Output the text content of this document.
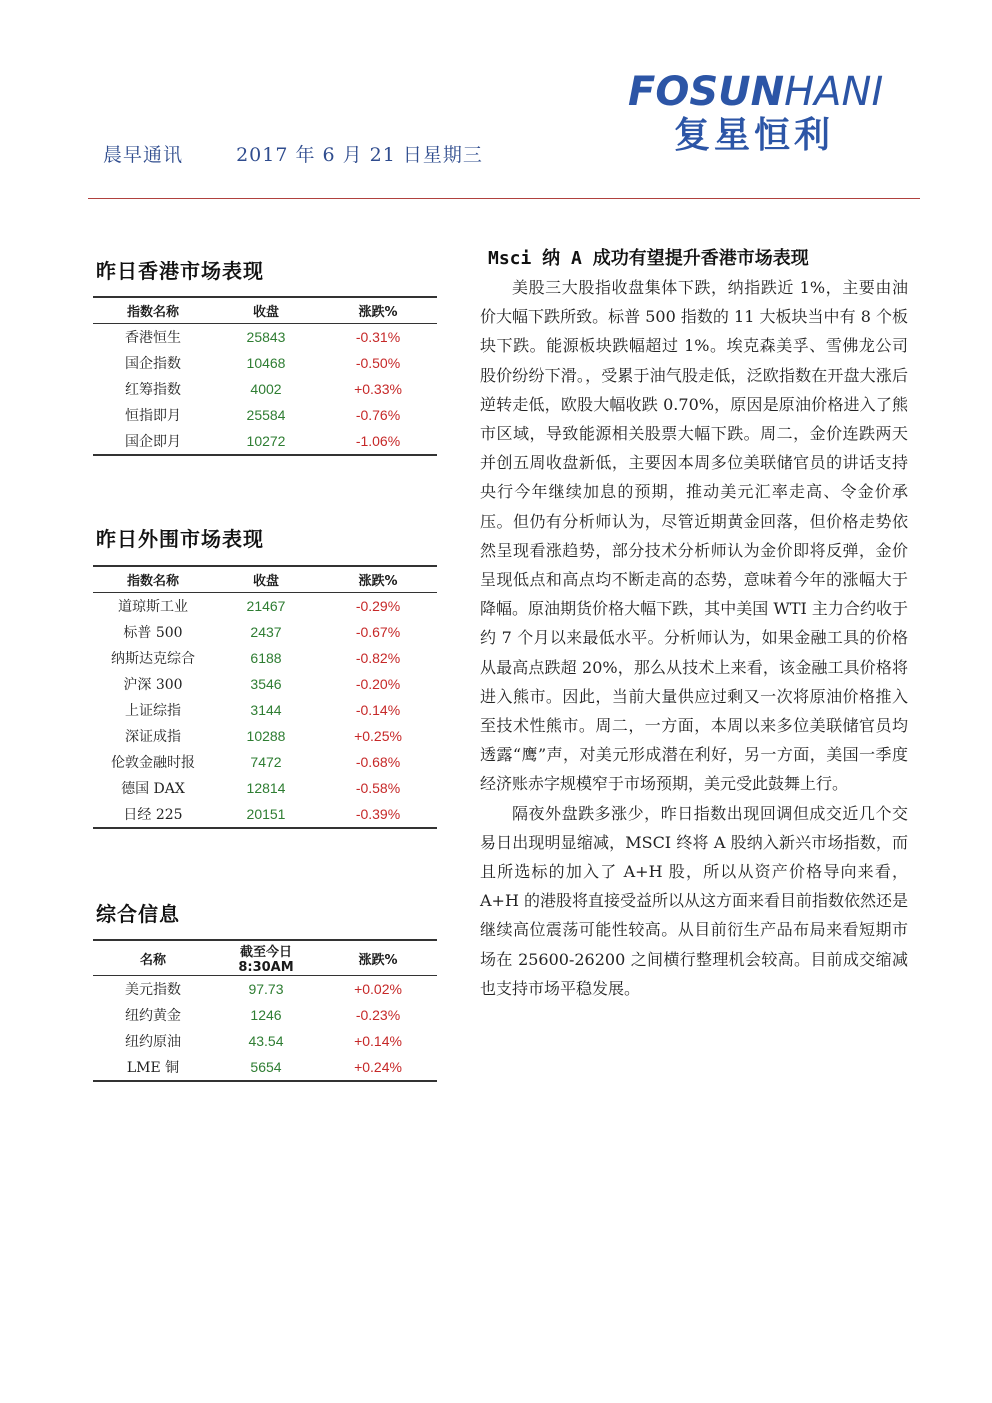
晨早通讯	2017 年 6 月 21 日星期三
FOSUNHANI
复星恒利
昨日香港市场表现
指数名称	收盘	涨跌%
香港恒生	25843	-0.31%
国企指数	10468	-0.50%
红筹指数	4002	+0.33%
恒指即月	25584	-0.76%
国企即月	10272	-1.06%
昨日外围市场表现
指数名称	收盘	涨跌%
道琼斯工业	21467	-0.29%
标普 500	2437	-0.67%
纳斯达克综合	6188	-0.82%
沪深 300	3546	-0.20%
上证综指	3144	-0.14%
深证成指	10288	+0.25%
伦敦金融时报	7472	-0.68%
德国 DAX	12814	-0.58%
日经 225	20151	-0.39%
综合信息
名称	截至今日 8:30AM	涨跌%
美元指数	97.73	+0.02%
纽约黄金	1246	-0.23%
纽约原油	43.54	+0.14%
LME 铜	5654	+0.24%
Msci 纳 A 成功有望提升香港市场表现

美股三大股指收盘集体下跌，纳指跌近 1%，主要由油价大幅下跌所致。标普 500 指数的 11 大板块当中有 8 个板块下跌。能源板块跌幅超过 1%。埃克森美孚、雪佛龙公司股价纷纷下滑。，受累于油气股走低，泛欧指数在开盘大涨后逆转走低，欧股大幅收跌 0.70%，原因是原油价格进入了熊市区域，导致能源相关股票大幅下跌。周二，金价连跌两天并创五周收盘新低，主要因本周多位美联储官员的讲话支持央行今年继续加息的预期，推动美元汇率走高、令金价承压。但仍有分析师认为，尽管近期黄金回落，但价格走势依然呈现看涨趋势，部分技术分析师认为金价即将反弹，金价呈现低点和高点均不断走高的态势，意味着今年的涨幅大于降幅。原油期货价格大幅下跌，其中美国 WTI 主力合约收于约 7 个月以来最低水平。分析师认为，如果金融工具的价格从最高点跌超 20%，那么从技术上来看，该金融工具价格将进入熊市。因此，当前大量供应过剩又一次将原油价格推入至技术性熊市。周二，一方面，本周以来多位美联储官员均透露“鹰”声，对美元形成潜在利好，另一方面，美国一季度经济账赤字规模窄于市场预期，美元受此鼓舞上行。

隔夜外盘跌多涨少，昨日指数出现回调但成交近几个交易日出现明显缩减，MSCI 终将 A 股纳入新兴市场指数，而且所选标的加入了 A+H 股，所以从资产价格导向来看，A+H 的港股将直接受益所以从这方面来看目前指数依然还是继续高位震荡可能性较高。从目前衍生产品布局来看短期市场在 25600-26200 之间横行整理机会较高。目前成交缩减也支持市场平稳发展。
